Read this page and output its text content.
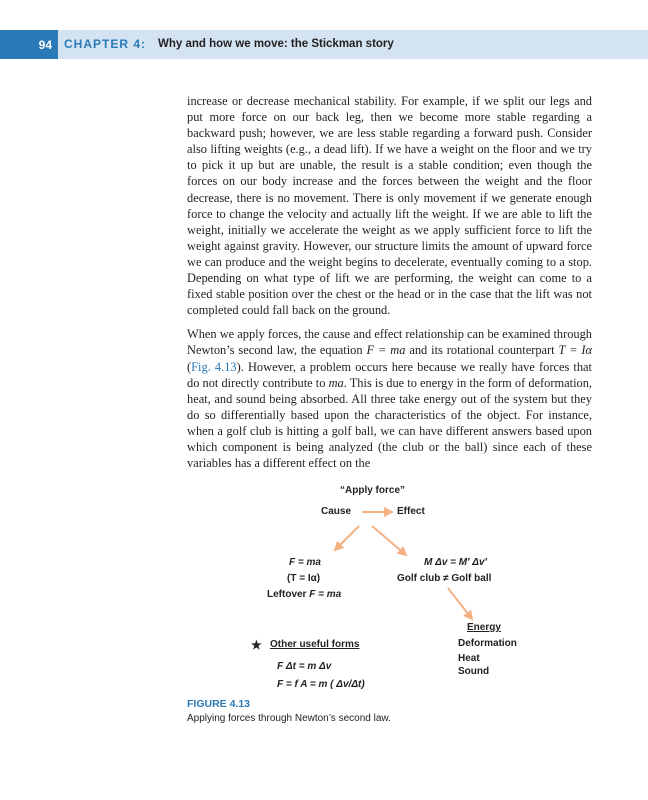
94	CHAPTER 4: Why and how we move: the Stickman story

increase or decrease mechanical stability. For example, if we split our legs and put more force on our back leg, then we become more stable regarding a backward push; however, we are less stable regarding a forward push. Consider also lifting weights (e.g., a dead lift). If we have a weight on the floor and we try to pick it up but are unable, the result is a stable condition; even though the forces on our body increase and the forces between the weight and the floor decrease, there is no movement. There is only movement if we generate enough force to change the velocity and actually lift the weight. If we are able to lift the weight, initially we accelerate the weight as we apply sufficient force to lift the weight against gravity. However, our structure limits the amount of upward force we can produce and the weight begins to decelerate, eventually coming to a stop. Depending on what type of lift we are performing, the weight can come to a fixed stable position over the chest or the head or in the case that the lift was not completed could fall back on the ground.

When we apply forces, the cause and effect relationship can be examined through Newton’s second law, the equation F = ma and its rotational counterpart T = Iα (Fig. 4.13). However, a problem occurs here because we really have forces that do not directly contribute to ma. This is due to energy in the form of deformation, heat, and sound being absorbed. All three take energy out of the system but they do so differentially based upon the characteristics of the object. For instance, when a golf club is hitting a golf ball, we can have different answers based upon which component is being analyzed (the club or the ball) since each of these variables has a different effect on the

“Apply force”
Cause	Effect
F = ma
(T = Iα)
Leftover F = ma
M Δv = M′ Δv′
Golf club ≠ Golf ball
Energy
Deformation
Heat
Sound
★ Other useful forms
F Δt = m Δv
F = f A = m ( Δv/Δt)
FIGURE 4.13
Applying forces through Newton’s second law.
